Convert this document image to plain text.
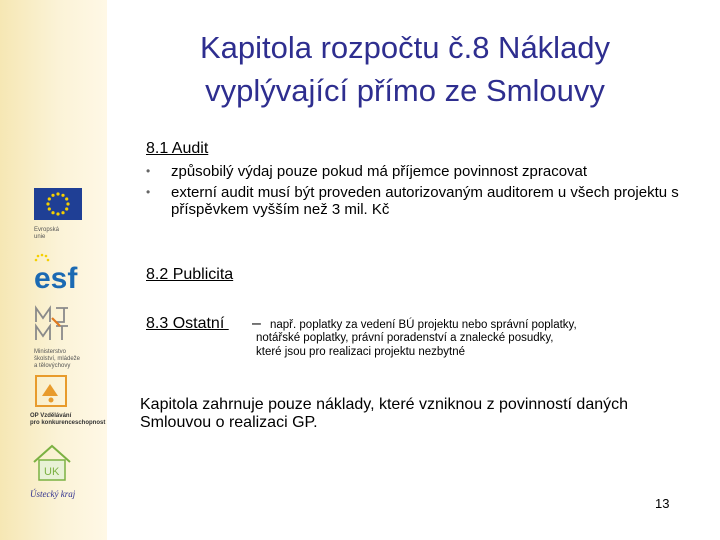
Evropská
unie
esf
Ministerstvo
školství, mládeže
a tělovýchovy
OP Vzdělávání
pro konkurenceschopnost
UK
Ústecký kraj
Kapitola rozpočtu č.8 Náklady
vyplývající přímo ze Smlouvy
8.1 Audit
• způsobilý výdaj pouze pokud má příjemce povinnost zpracovat
• externí audit musí být proveden autorizovaným auditorem u všech projektu s příspěvkem vyšším než 3 mil. Kč
8.2 Publicita
8.3 Ostatní – např. poplatky za vedení BÚ projektu nebo správní poplatky,
notářské poplatky, právní poradenství a znalecké posudky,
které jsou pro realizaci projektu nezbytné
Kapitola zahrnuje pouze náklady, které vzniknou z povinností daných Smlouvou o realizaci GP.
13
